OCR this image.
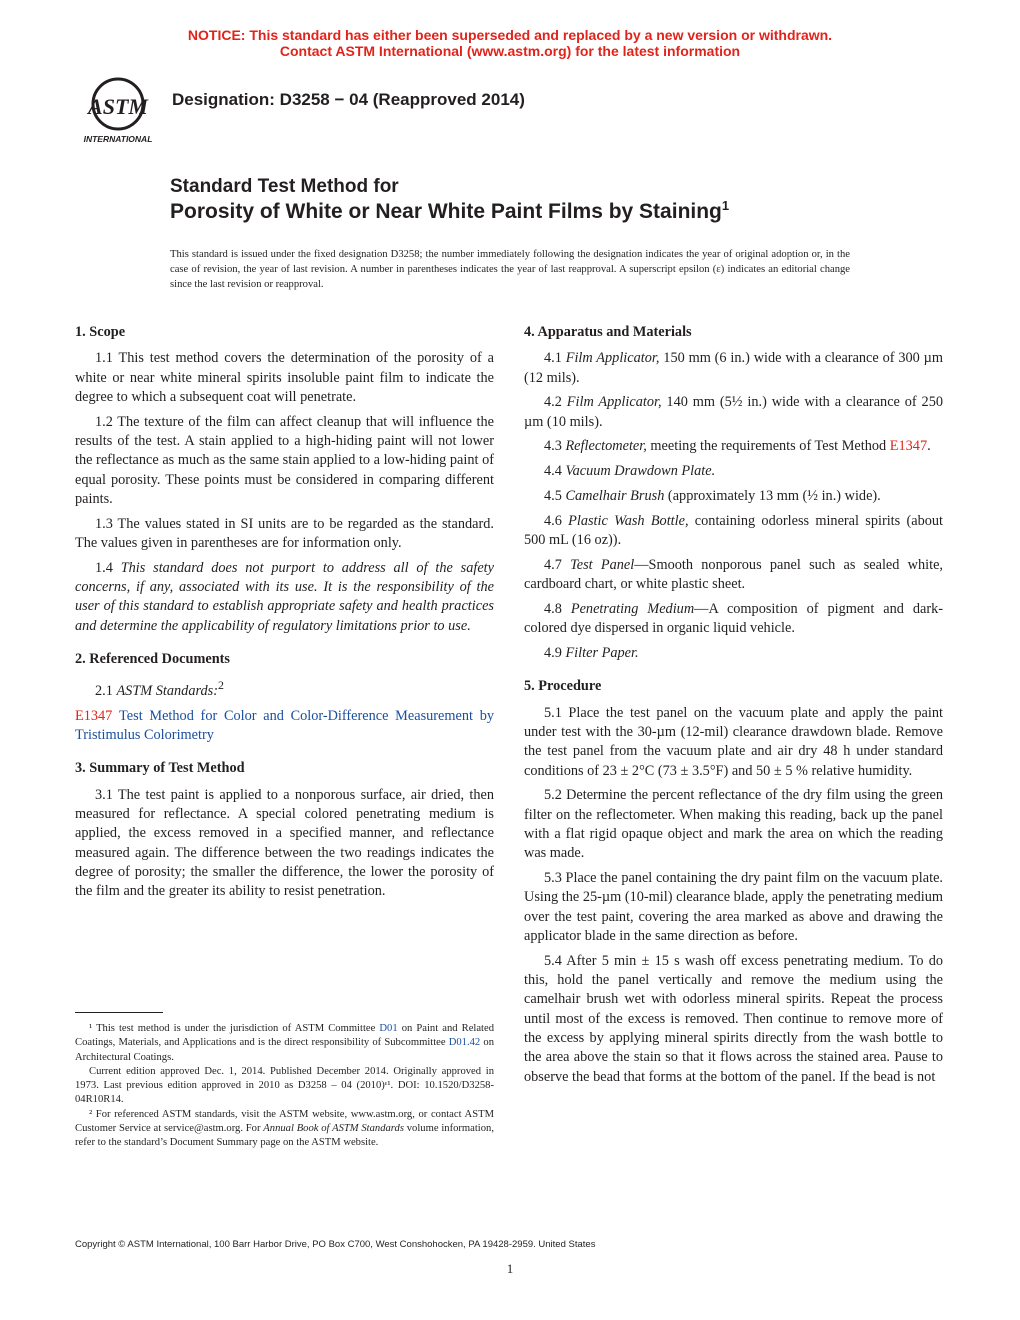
NOTICE: This standard has either been superseded and replaced by a new version or withdrawn.
Contact ASTM International (www.astm.org) for the latest information
ASTM
INTERNATIONAL
Designation: D3258 − 04 (Reapproved 2014)
Standard Test Method for
Porosity of White or Near White Paint Films by Staining$^1$
This standard is issued under the fixed designation D3258; the number immediately following the designation indicates the year of original adoption or, in the case of revision, the year of last revision. A number in parentheses indicates the year of last reapproval. A superscript epsilon (ε) indicates an editorial change since the last revision or reapproval.
1. Scope

1.1 This test method covers the determination of the porosity of a white or near white mineral spirits insoluble paint film to indicate the degree to which a subsequent coat will penetrate.

1.2 The texture of the film can affect cleanup that will influence the results of the test. A stain applied to a high-hiding paint will not lower the reflectance as much as the same stain applied to a low-hiding paint of equal porosity. These points must be considered in comparing different paints.

1.3 The values stated in SI units are to be regarded as the standard. The values given in parentheses are for information only.

1.4 This standard does not purport to address all of the safety concerns, if any, associated with its use. It is the responsibility of the user of this standard to establish appropriate safety and health practices and determine the applicability of regulatory limitations prior to use.

2. Referenced Documents

2.1 ASTM Standards:$^2$

E1347 Test Method for Color and Color-Difference Measurement by Tristimulus Colorimetry

3. Summary of Test Method

3.1 The test paint is applied to a nonporous surface, air dried, then measured for reflectance. A special colored penetrating medium is applied, the excess removed in a specified manner, and reflectance measured again. The difference between the two readings indicates the degree of porosity; the smaller the difference, the lower the porosity of the film and the greater its ability to resist penetration.

¹ This test method is under the jurisdiction of ASTM Committee D01 on Paint and Related Coatings, Materials, and Applications and is the direct responsibility of Subcommittee D01.42 on Architectural Coatings.

Current edition approved Dec. 1, 2014. Published December 2014. Originally approved in 1973. Last previous edition approved in 2010 as D3258 – 04 (2010)ᵋ¹. DOI: 10.1520/D3258-04R10R14.

² For referenced ASTM standards, visit the ASTM website, www.astm.org, or contact ASTM Customer Service at service@astm.org. For Annual Book of ASTM Standards volume information, refer to the standard’s Document Summary page on the ASTM website.

4. Apparatus and Materials

4.1 Film Applicator, 150 mm (6 in.) wide with a clearance of 300 µm (12 mils).

4.2 Film Applicator, 140 mm (5½ in.) wide with a clearance of 250 µm (10 mils).

4.3 Reflectometer, meeting the requirements of Test Method E1347.

4.4 Vacuum Drawdown Plate.

4.5 Camelhair Brush (approximately 13 mm (½ in.) wide).

4.6 Plastic Wash Bottle, containing odorless mineral spirits (about 500 mL (16 oz)).

4.7 Test Panel—Smooth nonporous panel such as sealed white, cardboard chart, or white plastic sheet.

4.8 Penetrating Medium—A composition of pigment and dark-colored dye dispersed in organic liquid vehicle.

4.9 Filter Paper.

5. Procedure

5.1 Place the test panel on the vacuum plate and apply the paint under test with the 30-µm (12-mil) clearance drawdown blade. Remove the test panel from the vacuum plate and air dry 48 h under standard conditions of 23 ± 2°C (73 ± 3.5°F) and 50 ± 5 % relative humidity.

5.2 Determine the percent reflectance of the dry film using the green filter on the reflectometer. When making this reading, back up the panel with a flat rigid opaque object and mark the area on which the reading was made.

5.3 Place the panel containing the dry paint film on the vacuum plate. Using the 25-µm (10-mil) clearance blade, apply the penetrating medium over the test paint, covering the area marked as above and drawing the applicator blade in the same direction as before.

5.4 After 5 min ± 15 s wash off excess penetrating medium. To do this, hold the panel vertically and remove the medium using the camelhair brush wet with odorless mineral spirits. Repeat the process until most of the excess is removed. Then continue to remove more of the excess by applying mineral spirits directly from the wash bottle to the area above the stain so that it flows across the stained area. Pause to observe the bead that forms at the bottom of the panel. If the bead is not

Copyright © ASTM International, 100 Barr Harbor Drive, PO Box C700, West Conshohocken, PA 19428-2959. United States
1
